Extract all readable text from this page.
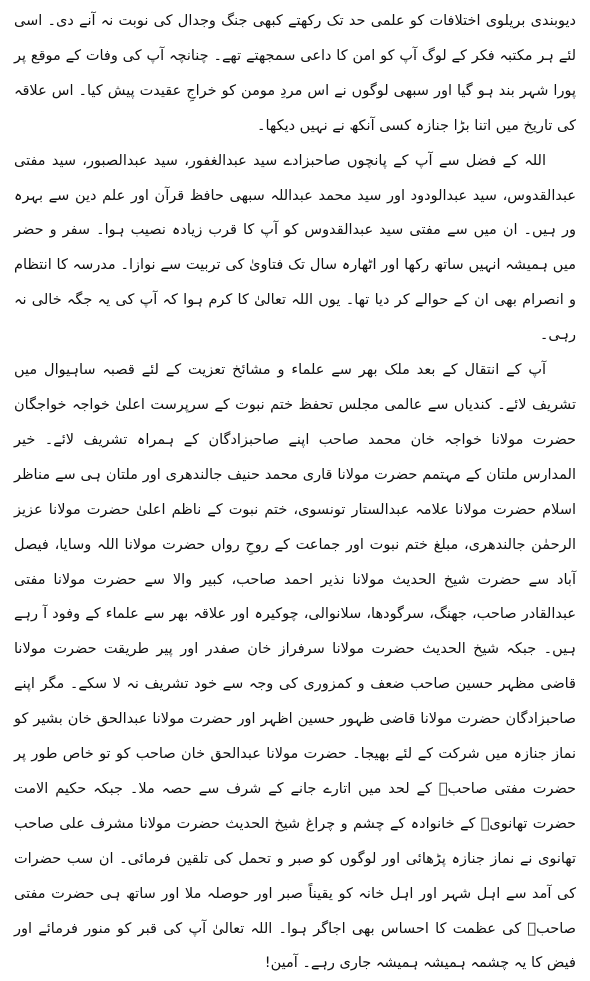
دیوبندی بریلوی اختلافات کو علمی حد تک رکھتے کبھی جنگ وجدال کی نوبت نہ آنے دی۔ اسی لئے ہر مکتبہ فکر کے لوگ آپ کو امن کا داعی سمجھتے تھے۔ چنانچہ آپ کی وفات کے موقع پر پورا شہر بند ہو گیا اور سبھی لوگوں نے اس مردِ مومن کو خراجِ عقیدت پیش کیا۔ اس علاقہ کی تاریخ میں اتنا بڑا جنازہ کسی آنکھ نے نہیں دیکھا۔

اللہ کے فضل سے آپ کے پانچوں صاحبزادے سید عبدالغفور، سید عبدالصبور، سید مفتی عبدالقدوس، سید عبدالودود اور سید محمد عبداللہ سبھی حافظ قرآن اور علم دین سے بہرہ ور ہیں۔ ان میں سے مفتی سید عبدالقدوس کو آپ کا قرب زیادہ نصیب ہوا۔ سفر و حضر میں ہمیشہ انہیں ساتھ رکھا اور اٹھارہ سال تک فتاویٰ کی تربیت سے نوازا۔ مدرسہ کا انتظام و انصرام بھی ان کے حوالے کر دیا تھا۔ یوں اللہ تعالیٰ کا کرم ہوا کہ آپ کی یہ جگہ خالی نہ رہی۔

آپ کے انتقال کے بعد ملک بھر سے علماء و مشائخ تعزیت کے لئے قصبہ ساہیوال میں تشریف لائے۔ کندیاں سے عالمی مجلس تحفظ ختم نبوت کے سرپرست اعلیٰ خواجہ خواجگان حضرت مولانا خواجہ خان محمد صاحب اپنے صاحبزادگان کے ہمراہ تشریف لائے۔ خیر المدارس ملتان کے مہتمم حضرت مولانا قاری محمد حنیف جالندھری اور ملتان ہی سے مناظر اسلام حضرت مولانا علامہ عبدالستار تونسوی، ختم نبوت کے ناظم اعلیٰ حضرت مولانا عزیز الرحمٰن جالندھری، مبلغ ختم نبوت اور جماعت کے روحِ رواں حضرت مولانا اللہ وسایا، فیصل آباد سے حضرت شیخ الحدیث مولانا نذیر احمد صاحب، کبیر والا سے حضرت مولانا مفتی عبدالقادر صاحب، جھنگ، سرگودھا، سلانوالی، چوکیرہ اور علاقہ بھر سے علماء کے وفود آ رہے ہیں۔ جبکہ شیخ الحدیث حضرت مولانا سرفراز خان صفدر اور پیر طریقت حضرت مولانا قاضی مظہر حسین صاحب ضعف و کمزوری کی وجہ سے خود تشریف نہ لا سکے۔ مگر اپنے صاحبزادگان حضرت مولانا قاضی ظہور حسین اظہر اور حضرت مولانا عبدالحق خان بشیر کو نماز جنازہ میں شرکت کے لئے بھیجا۔ حضرت مولانا عبدالحق خان صاحب کو تو خاص طور پر حضرت مفتی صاحبؒ کے لحد میں اتارے جانے کے شرف سے حصہ ملا۔ جبکہ حکیم الامت حضرت تھانویؒ کے خانوادہ کے چشم و چراغ شیخ الحدیث حضرت مولانا مشرف علی صاحب تھانوی نے نماز جنازہ پڑھائی اور لوگوں کو صبر و تحمل کی تلقین فرمائی۔ ان سب حضرات کی آمد سے اہل شہر اور اہل خانہ کو یقیناً صبر اور حوصلہ ملا اور ساتھ ہی حضرت مفتی صاحبؒ کی عظمت کا احساس بھی اجاگر ہوا۔ اللہ تعالیٰ آپ کی قبر کو منور فرمائے اور فیض کا یہ چشمہ ہمیشہ ہمیشہ جاری رہے۔ آمین!
